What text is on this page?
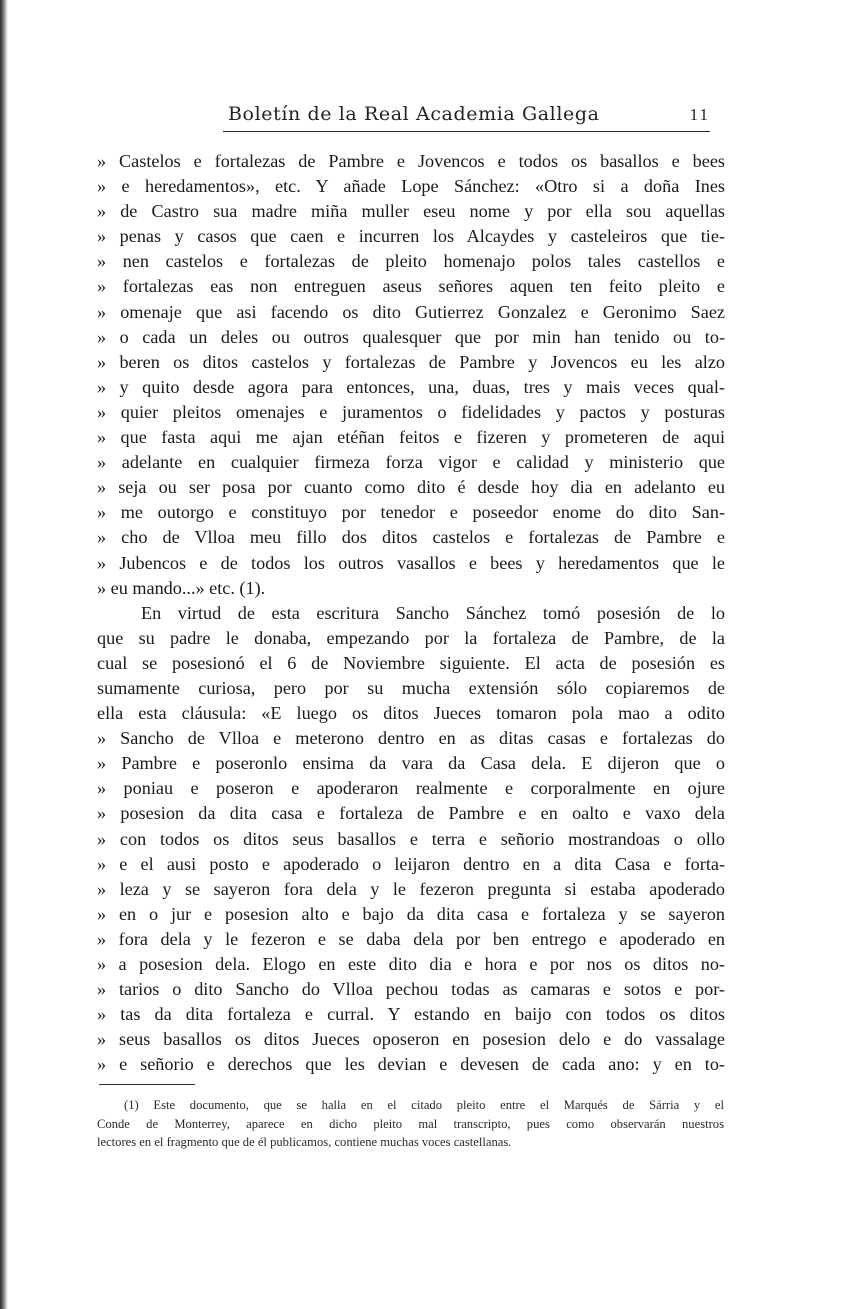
Boletín de la Real Academia Gallega	11
» Castelos e fortalezas de Pambre e Jovencos e todos os basallos e bees
» e heredamentos», etc. Y añade Lope Sánchez: «Otro si a doña Ines
» de Castro sua madre miña muller eseu nome y por ella sou aquellas
» penas y casos que caen e incurren los Alcaydes y casteleiros que tie-
» nen castelos e fortalezas de pleito homenajo polos tales castellos e
» fortalezas eas non entreguen aseus señores aquen ten feito pleito e
» omenaje que asi facendo os dito Gutierrez Gonzalez e Geronimo Saez
» o cada un deles ou outros qualesquer que por min han tenido ou to-
» beren os ditos castelos y fortalezas de Pambre y Jovencos eu les alzo
» y quito desde agora para entonces, una, duas, tres y mais veces qual-
» quier pleitos omenajes e juramentos o fidelidades y pactos y posturas
» que fasta aqui me ajan etéñan feitos e fizeren y prometeren de aqui
» adelante en cualquier firmeza forza vigor e calidad y ministerio que
» seja ou ser posa por cuanto como dito é desde hoy dia en adelanto eu
» me outorgo e constituyo por tenedor e poseedor enome do dito San-
» cho de Vlloa meu fillo dos ditos castelos e fortalezas de Pambre e
» Jubencos e de todos los outros vasallos e bees y heredamentos que le
» eu mando...» etc. (1).
En virtud de esta escritura Sancho Sánchez tomó posesión de lo
que su padre le donaba, empezando por la fortaleza de Pambre, de la
cual se posesionó el 6 de Noviembre siguiente. El acta de posesión es
sumamente curiosa, pero por su mucha extensión sólo copiaremos de
ella esta cláusula: «E luego os ditos Jueces tomaron pola mao a odito
» Sancho de Vlloa e meterono dentro en as ditas casas e fortalezas do
» Pambre e poseronlo ensima da vara da Casa dela. E dijeron que o
» poniau e poseron e apoderaron realmente e corporalmente en ojure
» posesion da dita casa e fortaleza de Pambre e en oalto e vaxo dela
» con todos os ditos seus basallos e terra e señorio mostrandoas o ollo
» e el ausi posto e apoderado o leijaron dentro en a dita Casa e forta-
» leza y se sayeron fora dela y le fezeron pregunta si estaba apoderado
» en o jur e posesion alto e bajo da dita casa e fortaleza y se sayeron
» fora dela y le fezeron e se daba dela por ben entrego e apoderado en
» a posesion dela. Elogo en este dito dia e hora e por nos os ditos no-
» tarios o dito Sancho do Vlloa pechou todas as camaras e sotos e por-
» tas da dita fortaleza e curral. Y estando en baijo con todos os ditos
» seus basallos os ditos Jueces oposeron en posesion delo e do vassalage
» e señorio e derechos que les devian e devesen de cada ano: y en to-
(1) Este documento, que se halla en el citado pleito entre el Marqués de Sárria y el
Conde de Monterrey, aparece en dicho pleito mal transcripto, pues como observarán nuestros
lectores en el fragmento que de él publicamos, contiene muchas voces castellanas.
